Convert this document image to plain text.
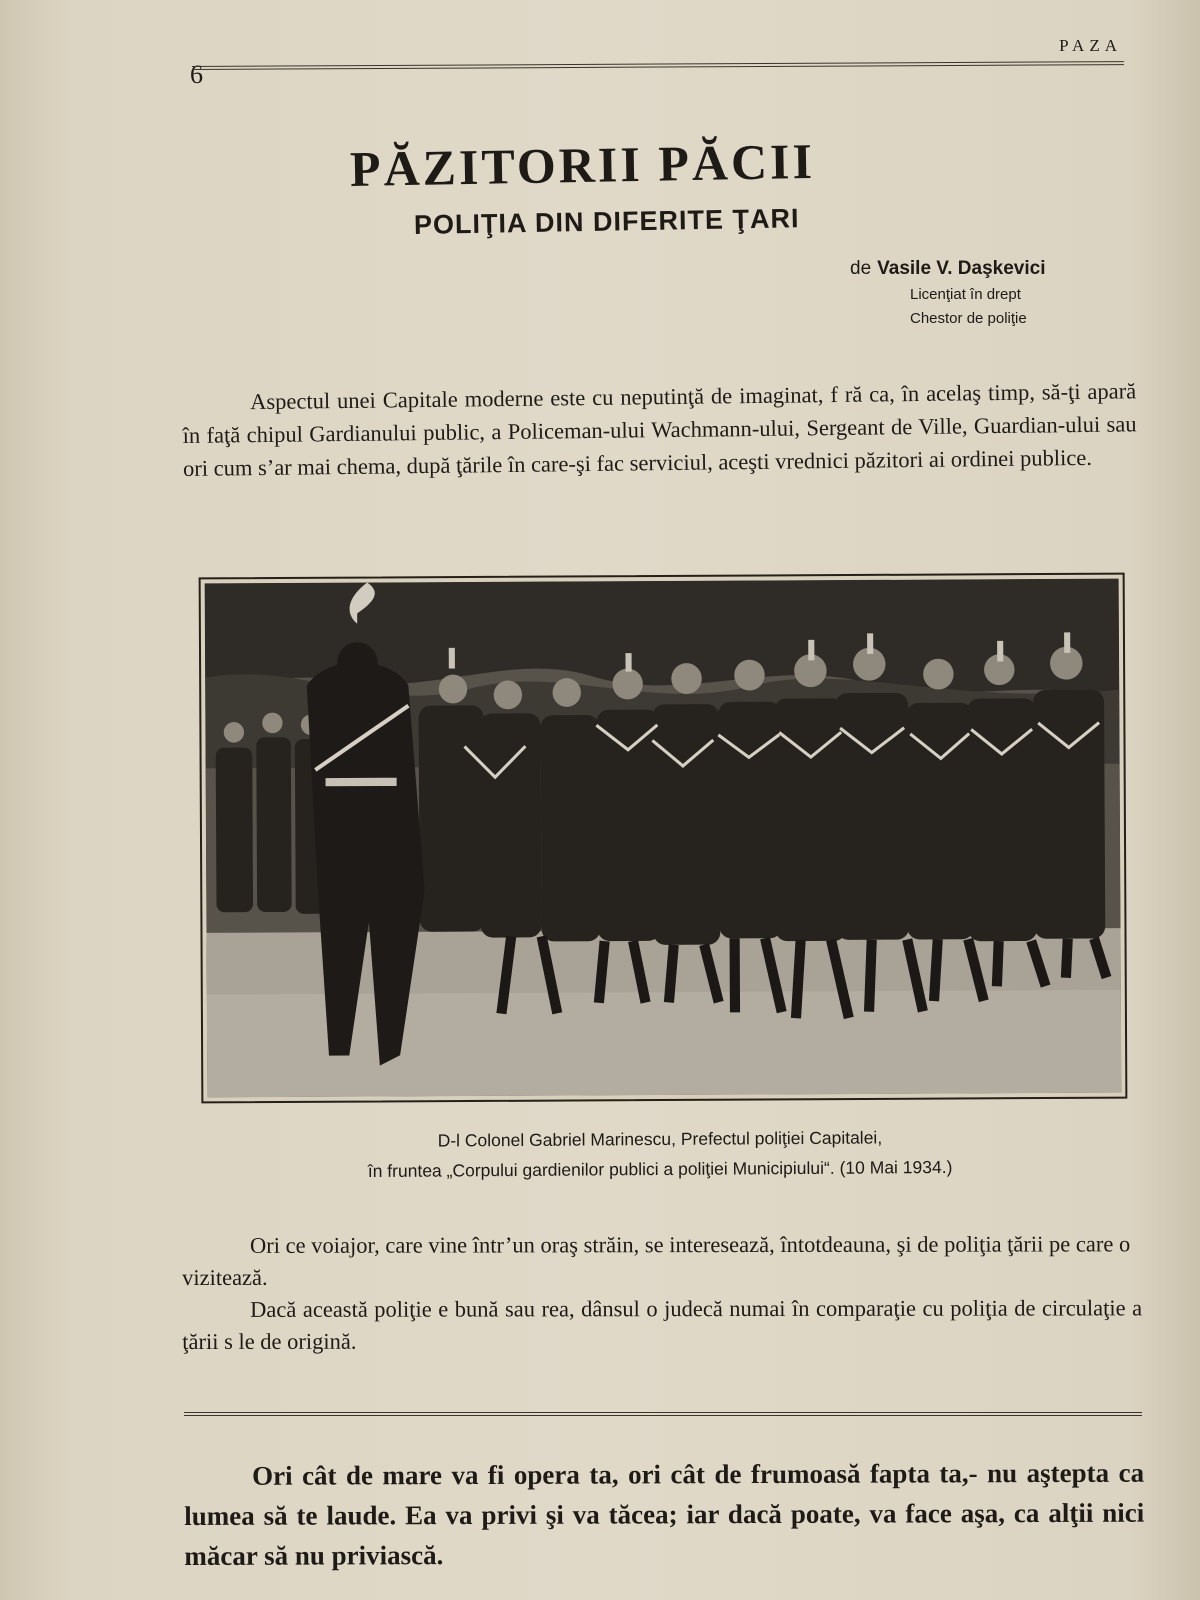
PAZA
6
PĂZITORII PĂCII
POLIŢIA DIN DIFERITE ŢARI
de Vasile V. Daşkevici
Licenţiat în drept
Chestor de poliţie
Aspectul unei Capitale moderne este cu neputinţă de imaginat, f ră ca, în acelaş timp, să-ţi apară în faţă chipul Gardianului public, a Policeman-ului Wachmann-ului, Sergeant de Ville, Guardian-ului sau ori cum s’ar mai chema, după ţările în care-şi fac serviciul, aceşti vrednici păzitori ai ordinei publice.
D-l Colonel Gabriel Marinescu, Prefectul poliţiei Capitalei,
în fruntea „Corpului gardienilor publici a poliţiei Municipiului“. (10 Mai 1934.)

Ori ce voiajor, care vine într’un oraş străin, se interesează, întotdeauna, şi de poliţia ţării pe care o vizitează.

Dacă această poliţie e bună sau rea, dânsul o judecă numai în comparaţie cu poliţia de circulaţie a ţării s le de origină.

Ori cât de mare va fi opera ta, ori cât de frumoasă fapta ta,- nu aştepta ca lumea să te laude. Ea va privi şi va tăcea; iar dacă poate, va face aşa, ca alţii nici măcar să nu priviască.
